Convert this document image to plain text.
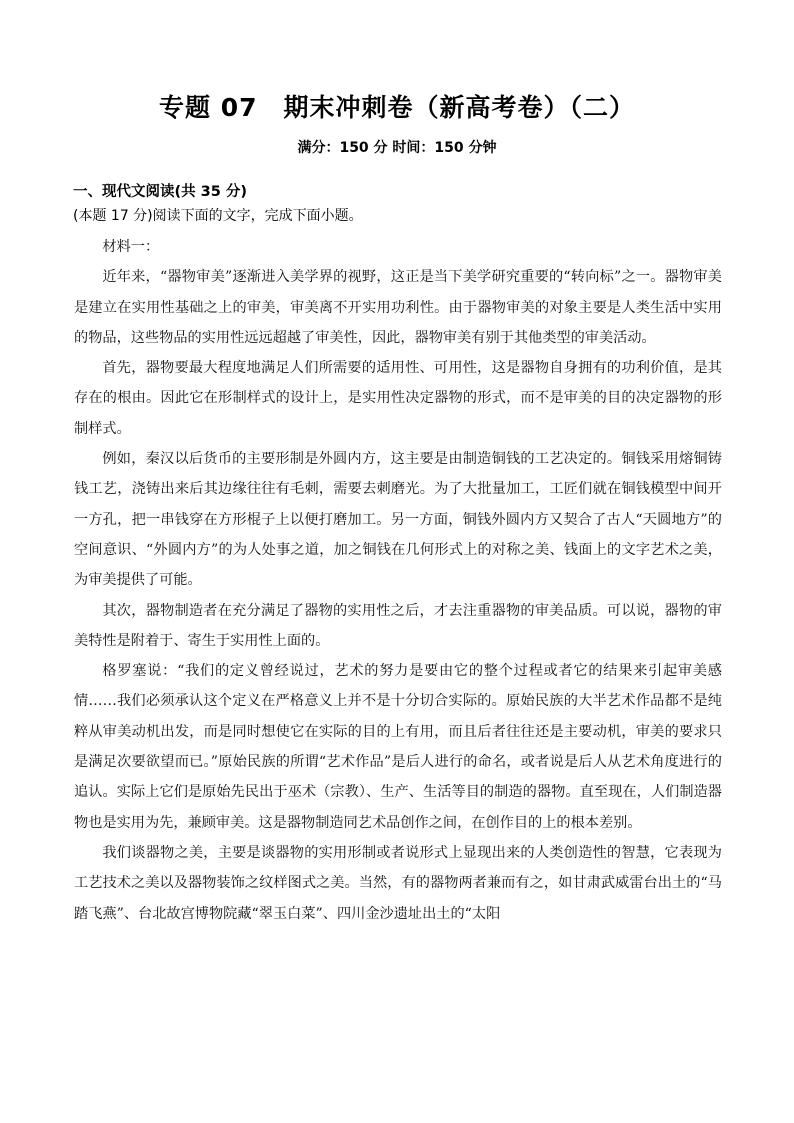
专题 07　期末冲刺卷（新高考卷）（二）
满分：150 分 时间：150 分钟
一、现代文阅读(共 35 分)
(本题 17 分)阅读下面的文字，完成下面小题。

材料一：

近年来，“器物审美”逐渐进入美学界的视野，这正是当下美学研究重要的“转向标”之一。器物审美是建立在实用性基础之上的审美，审美离不开实用功利性。由于器物审美的对象主要是人类生活中实用的物品，这些物品的实用性远远超越了审美性，因此，器物审美有别于其他类型的审美活动。

首先，器物要最大程度地满足人们所需要的适用性、可用性，这是器物自身拥有的功利价值，是其存在的根由。因此它在形制样式的设计上，是实用性决定器物的形式，而不是审美的目的决定器物的形制样式。

例如，秦汉以后货币的主要形制是外圆内方，这主要是由制造铜钱的工艺决定的。铜钱采用熔铜铸钱工艺，浇铸出来后其边缘往往有毛刺，需要去刺磨光。为了大批量加工，工匠们就在铜钱模型中间开一方孔，把一串钱穿在方形棍子上以便打磨加工。另一方面，铜钱外圆内方又契合了古人“天圆地方”的空间意识、“外圆内方”的为人处事之道，加之铜钱在几何形式上的对称之美、钱面上的文字艺术之美，为审美提供了可能。

其次，器物制造者在充分满足了器物的实用性之后，才去注重器物的审美品质。可以说，器物的审美特性是附着于、寄生于实用性上面的。

格罗塞说：“我们的定义曾经说过，艺术的努力是要由它的整个过程或者它的结果来引起审美感情……我们必须承认这个定义在严格意义上并不是十分切合实际的。原始民族的大半艺术作品都不是纯粹从审美动机出发，而是同时想使它在实际的目的上有用，而且后者往往还是主要动机，审美的要求只是满足次要欲望而已。”原始民族的所谓“艺术作品”是后人进行的命名，或者说是后人从艺术角度进行的追认。实际上它们是原始先民出于巫术（宗教）、生产、生活等目的制造的器物。直至现在，人们制造器物也是实用为先，兼顾审美。这是器物制造同艺术品创作之间，在创作目的上的根本差别。

我们谈器物之美，主要是谈器物的实用形制或者说形式上显现出来的人类创造性的智慧，它表现为工艺技术之美以及器物装饰之纹样图式之美。当然，有的器物两者兼而有之，如甘肃武威雷台出土的“马踏飞燕”、台北故宫博物院藏“翠玉白菜”、四川金沙遗址出土的“太阳
